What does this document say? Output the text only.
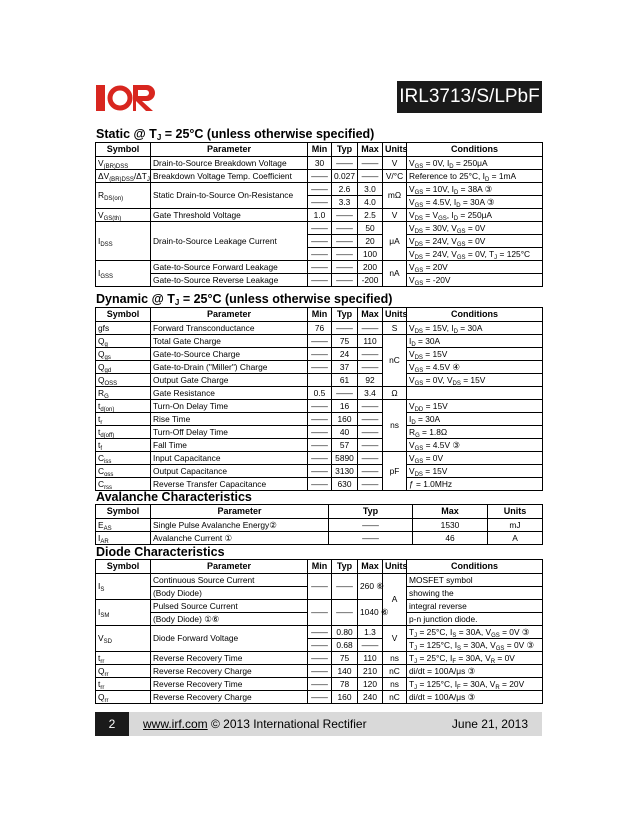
IRL3713/S/LPbF
Static @ $T_J = 25^\circ C$ (unless otherwise specified)
Symbol	Parameter	Min	Typ	Max	Units	Conditions
$V_{(BR)DSS}$	Drain-to-Source Breakdown Voltage	30	——	——	V	$V_{GS} = 0V$, $I_D = 250\mu A$
$\Delta V_{(BR)DSS}/\Delta T_J$	Breakdown Voltage Temp. Coefficient	——	0.027	——	V/°C	Reference to 25°C, $I_D = 1mA$
$R_{DS(on)}$	Static Drain-to-Source On-Resistance	——	2.6	3.0	mΩ	$V_{GS} = 10V$, $I_D = 38A$ ③
		——	3.3	4.0		$V_{GS} = 4.5V$, $I_D = 30A$ ③
$V_{GS(th)}$	Gate Threshold Voltage	1.0	——	2.5	V	$V_{DS} = V_{GS}$, $I_D = 250\mu A$
$I_{DSS}$	Drain-to-Source Leakage Current	——	——	50	μA	$V_{DS} = 30V$, $V_{GS} = 0V$
		——	——	20		$V_{DS} = 24V$, $V_{GS} = 0V$
		——	——	100		$V_{DS} = 24V$, $V_{GS} = 0V$, $T_J = 125^\circ C$
$I_{GSS}$	Gate-to-Source Forward Leakage	——	——	200	nA	$V_{GS} = 20V$
	Gate-to-Source Reverse Leakage	——	——	-200		$V_{GS} = -20V$
Dynamic @ $T_J = 25^\circ C$ (unless otherwise specified)
Symbol	Parameter	Min	Typ	Max	Units	Conditions
gfs	Forward Transconductance	76	——	——	S	$V_{DS} = 15V$, $I_D = 30A$
$Q_g$	Total Gate Charge	——	75	110	nC	$I_D = 30A$
$Q_{gs}$	Gate-to-Source Charge	——	24	——		$V_{DS} = 15V$
$Q_{gd}$	Gate-to-Drain ("Miller") Charge	——	37	——		$V_{GS} = 4.5V$ ④
$Q_{OSS}$	Output Gate Charge		61	92		$V_{GS} = 0V$, $V_{DS} = 15V$
$R_G$	Gate Resistance	0.5	——	3.4	Ω	
$t_{d(on)}$	Turn-On Delay Time	——	16	——	ns	$V_{DD} = 15V$
$t_r$	Rise Time	——	160	——		$I_D = 30A$
$t_{d(off)}$	Turn-Off Delay Time	——	40	——		$R_G = 1.8\Omega$
$t_f$	Fall Time	——	57	——		$V_{GS} = 4.5V$ ③
$C_{iss}$	Input Capacitance	——	5890	——	pF	$V_{GS} = 0V$
$C_{oss}$	Output Capacitance	——	3130	——		$V_{DS} = 15V$
$C_{rss}$	Reverse Transfer Capacitance	——	630	——		ƒ = 1.0MHz
Avalanche Characteristics
Symbol	Parameter	Typ	Max	Units
$E_{AS}$	Single Pulse Avalanche Energy②	——	1530	mJ
$I_{AR}$	Avalanche Current ①	——	46	A
Diode Characteristics
Symbol	Parameter	Min	Typ	Max	Units	Conditions
$I_S$	Continuous Source Current	——	——	260 ⑥	A	MOSFET symbol
	(Body Diode)					showing the
$I_{SM}$	Pulsed Source Current	——	——	1040 ⑥		integral reverse
	(Body Diode) ①⑥					p-n junction diode.
$V_{SD}$	Diode Forward Voltage	——	0.80	1.3	V	$T_J = 25^\circ C$, $I_S = 30A$, $V_{GS} = 0V$ ③
		——	0.68	——		$T_J = 125^\circ C$, $I_S = 30A$, $V_{GS} = 0V$ ③
$t_{rr}$	Reverse Recovery Time	——	75	110	ns	$T_J = 25^\circ C$, $I_F = 30A$, $V_R = 0V$
$Q_{rr}$	Reverse Recovery Charge	——	140	210	nC	di/dt = 100A/μs ③
$t_{rr}$	Reverse Recovery Time	——	78	120	ns	$T_J = 125^\circ C$, $I_F = 30A$, $V_R = 20V$
$Q_{rr}$	Reverse Recovery Charge	——	160	240	nC	di/dt = 100A/μs ③
2	www.irf.com © 2013 International Rectifier	June 21, 2013
